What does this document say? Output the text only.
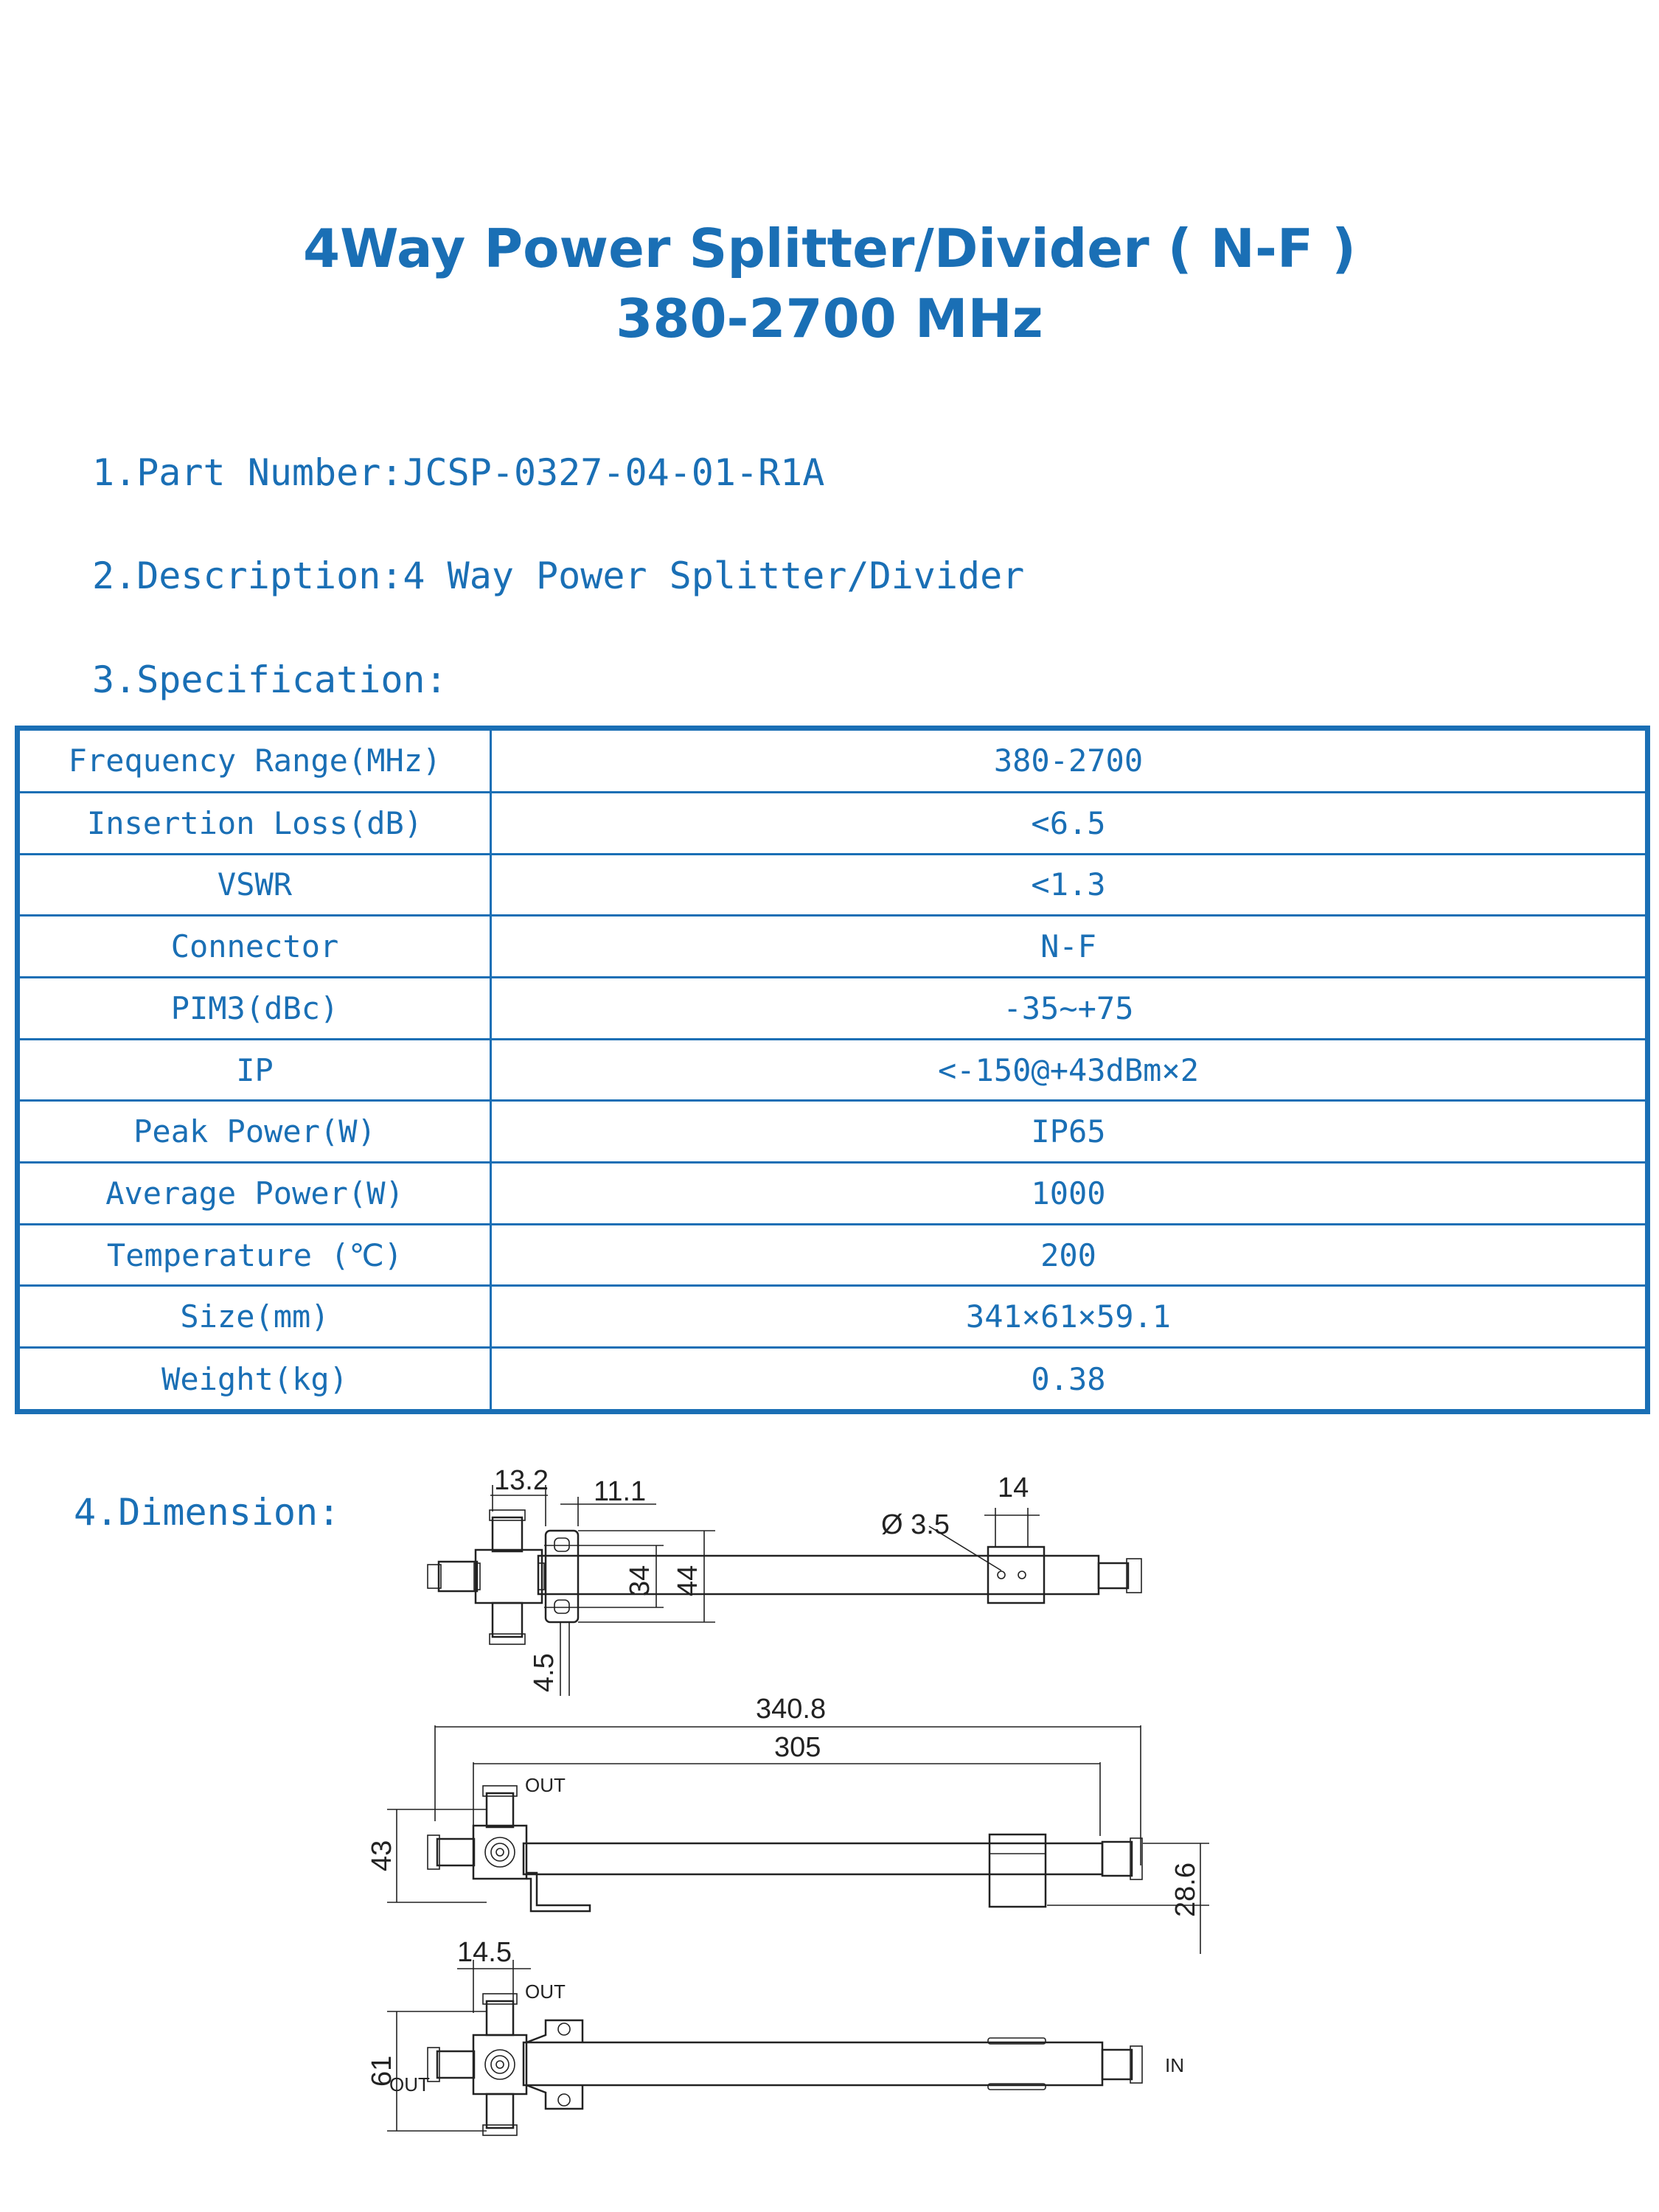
4Way Power Splitter/Divider ( N-F )
380-2700 MHz
1.Part Number:JCSP-0327-04-01-R1A
2.Description:4 Way Power Splitter/Divider
3.Specification:
Frequency Range(MHz)	380-2700
Insertion Loss(dB)	<6.5
VSWR	<1.3
Connector	N-F
PIM3(dBc)	-35~+75
IP	<-150@+43dBm×2
Peak Power(W)	IP65
Average Power(W)	1000
Temperature (℃)	200
Size(mm)	341×61×59.1
Weight(kg)	0.38
4.Dimension:
13.2 11.1
34 44
4.5
Ø 3.5
14
340.8
305
OUT
43
28.6
14.5
OUT
OUT
IN
61
